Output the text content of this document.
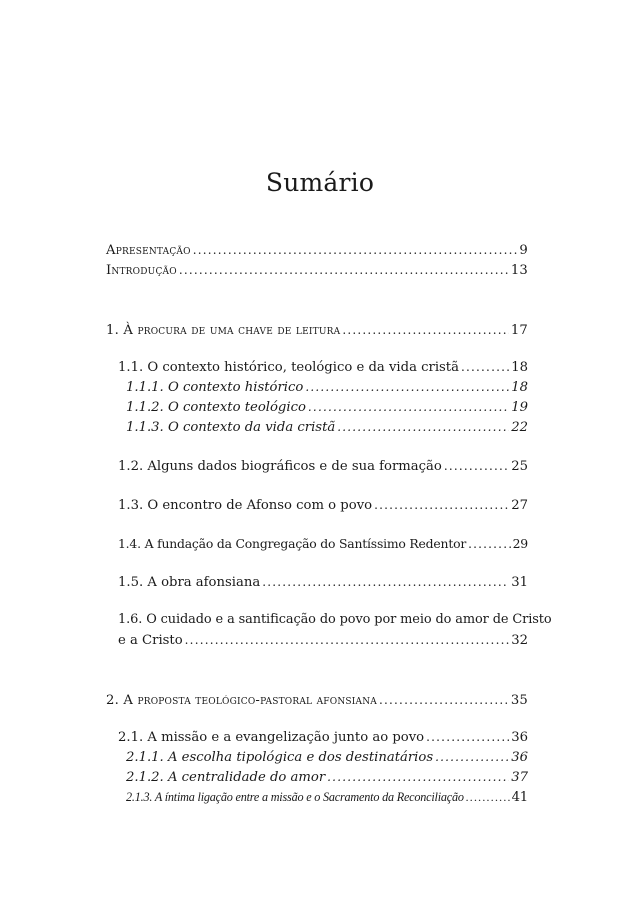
Sumário
Apresentação .....	9
Introdução .....	13
1. À procura de uma chave de leitura .....	17
1.1. O contexto histórico, teológico e da vida cristã .....	18
1.1.1. O contexto histórico .....	18
1.1.2. O contexto teológico .....	19
1.1.3. O contexto da vida cristã .....	22
1.2. Alguns dados biográficos e de sua formação .....	25
1.3. O encontro de Afonso com o povo .....	27
1.4. A fundação da Congregação do Santíssimo Redentor .....	29
1.5. A obra afonsiana .....	31
1.6. O cuidado e a santificação do povo por meio do amor de Cristo
e a Cristo .....	32
2. A proposta teológico-pastoral afonsiana .....	35
2.1. A missão e a evangelização junto ao povo .....	36
2.1.1. A escolha tipológica e dos destinatários .....	36
2.1.2. A centralidade do amor .....	37
2.1.3. A íntima ligação entre a missão e o Sacramento da Reconciliação .....	41
